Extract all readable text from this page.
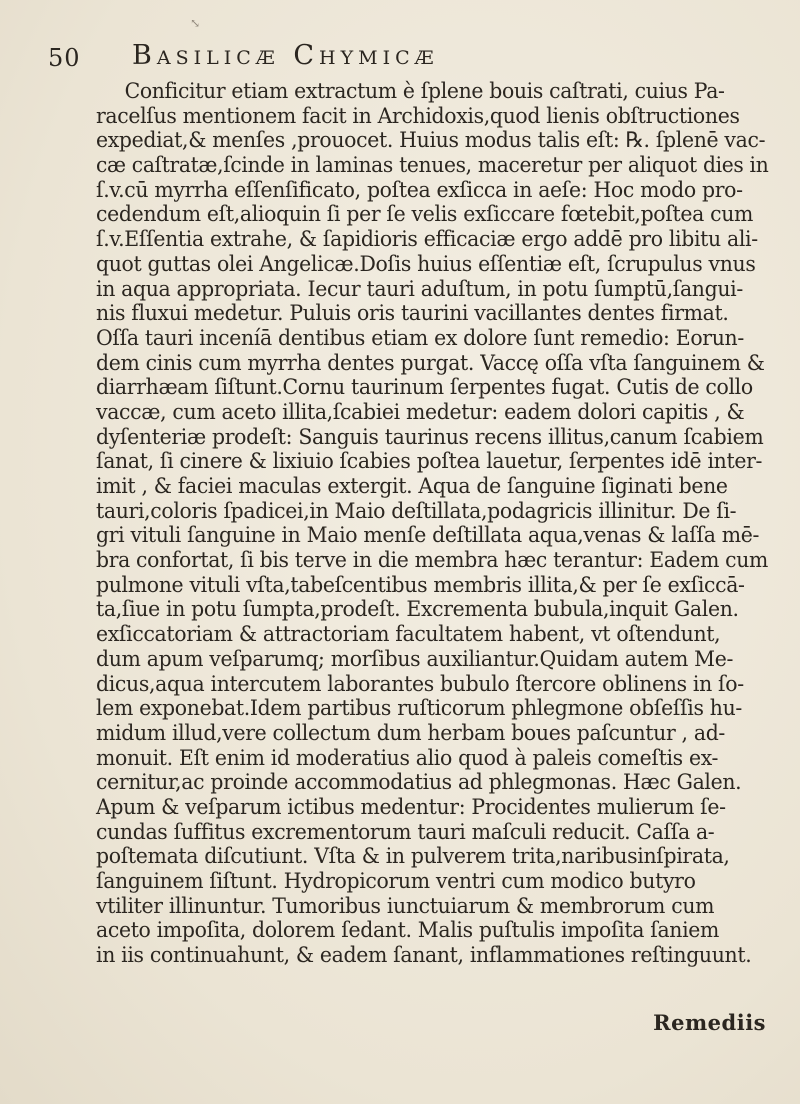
⤡
50 Basilicæ Chymicæ

Conficitur etiam extractum è ſplene bouis caſtrati, cuius Pa-

racelſus mentionem facit in Archidoxis,quod lienis obſtructiones

expediat,& menſes ,prouocet. Huius modus talis eſt: ℞. ſplenē vac-

cæ caſtratæ,ſcinde in laminas tenues, maceretur per aliquot dies in

ſ.v.cū myrrha eſſenſificato, poſtea exſicca in aeſe: Hoc modo pro-

cedendum eſt,alioquin ſi per ſe velis exſiccare fœtebit,poſtea cum

ſ.v.Eſſentia extrahe, & ſapidioris efficaciæ ergo addē pro libitu ali-

quot guttas olei Angelicæ.Doſis huius eſſentiæ eſt, ſcrupulus vnus

in aqua appropriata. Iecur tauri aduſtum, in potu ſumptū,ſangui-

nis fluxui medetur. Puluis oris taurini vacillantes dentes firmat.

Oſſa tauri inceníā dentibus etiam ex dolore ſunt remedio: Eorun-

dem cinis cum myrrha dentes purgat. Vaccę oſſa vſta ſanguinem &

diarrhæam ſiſtunt.Cornu taurinum ſerpentes fugat. Cutis de collo

vaccæ, cum aceto illita,ſcabiei medetur: eadem dolori capitis , &

dyſenteriæ prodeſt: Sanguis taurinus recens illitus,canum ſcabiem

ſanat, ſi cinere & lixiuio ſcabies poſtea lauetur, ſerpentes idē inter-

imit , & faciei maculas extergit. Aqua de ſanguine ſiginati bene

tauri,coloris ſpadicei,in Maio deſtillata,podagricis illinitur. De ſi-

gri vituli ſanguine in Maio menſe deſtillata aqua,venas & laſſa mē-

bra confortat, ſi bis terve in die membra hæc terantur: Eadem cum

pulmone vituli vſta,tabeſcentibus membris illita,& per ſe exſiccā-

ta,ſiue in potu ſumpta,prodeſt. Excrementa bubula,inquit Galen.

exſiccatoriam & attractoriam facultatem habent, vt oſtendunt,

dum apum veſparumq; morſibus auxiliantur.Quidam autem Me-

dicus,aqua intercutem laborantes bubulo ſtercore oblinens in ſo-

lem exponebat.Idem partibus ruſticorum phlegmone obſeſſis hu-

midum illud,vere collectum dum herbam boues paſcuntur , ad-

monuit. Eſt enim id moderatius alio quod à paleis comeſtis ex-

cernitur,ac proinde accommodatius ad phlegmonas. Hæc Galen.

Apum & veſparum ictibus medentur: Procidentes mulierum ſe-

cundas ſuffitus excrementorum tauri maſculi reducit. Caſſa a-

poſtemata diſcutiunt. Vſta & in pulverem trita,naribusinſpirata,

ſanguinem ſiſtunt. Hydropicorum ventri cum modico butyro

vtiliter illinuntur. Tumoribus iunctuiarum & membrorum cum

aceto impoſita, dolorem ſedant. Malis puſtulis impoſita ſaniem

in iis continuahunt, & eadem ſanant, inflammationes reſtinguunt.

Remediis
